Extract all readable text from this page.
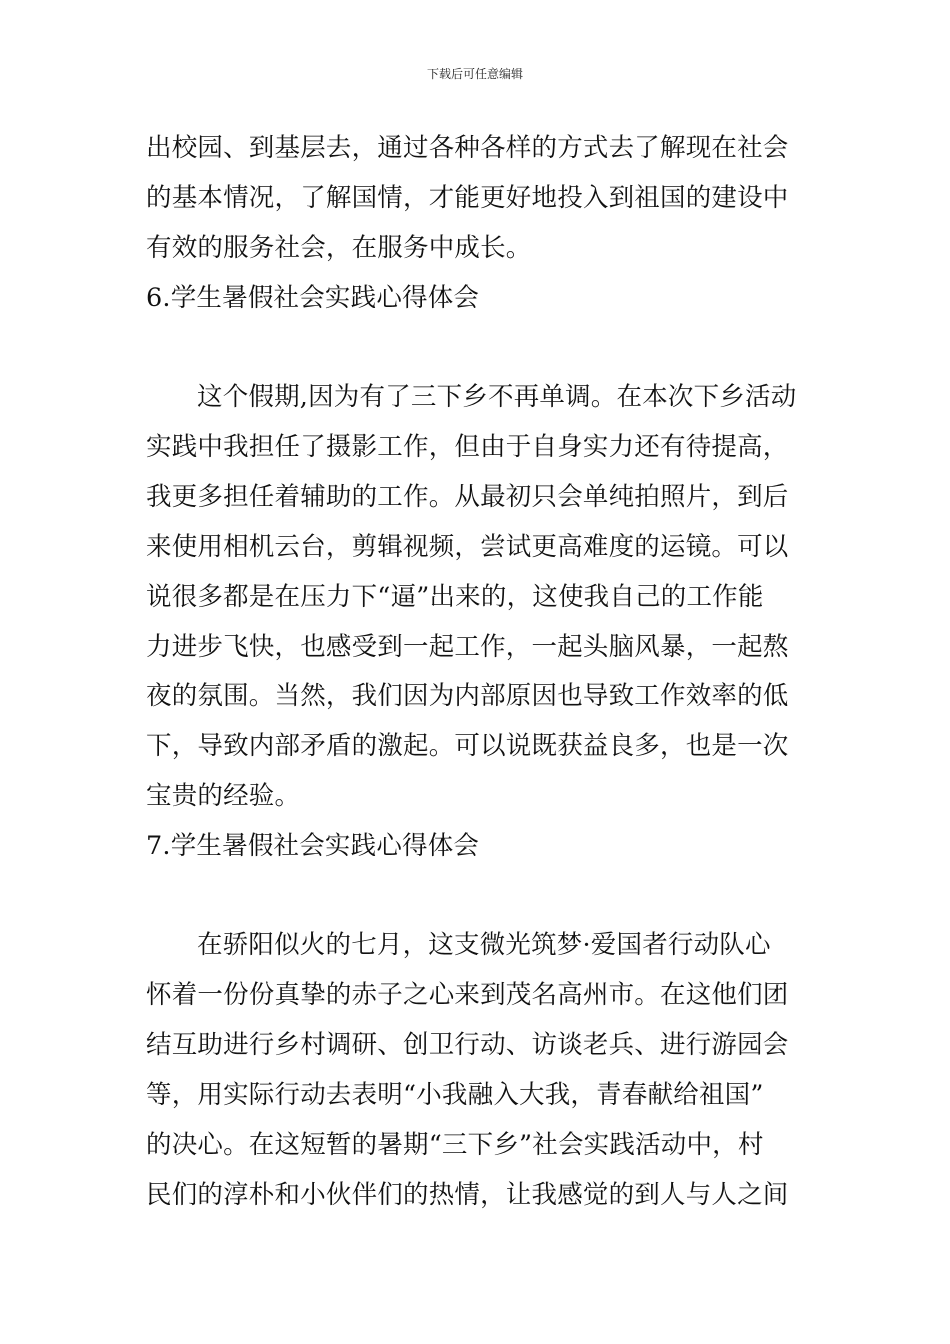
下载后可任意编辑
出校园、到基层去，通过各种各样的方式去了解现在社会
的基本情况，了解国情，才能更好地投入到祖国的建设中
有效的服务社会，在服务中成长。
6.学生暑假社会实践心得体会
这个假期,因为有了三下乡不再单调。在本次下乡活动
实践中我担任了摄影工作，但由于自身实力还有待提高，
我更多担任着辅助的工作。从最初只会单纯拍照片，到后
来使用相机云台，剪辑视频，尝试更高难度的运镜。可以
说很多都是在压力下“逼”出来的，这使我自己的工作能
力进步飞快，也感受到一起工作，一起头脑风暴，一起熬
夜的氛围。当然，我们因为内部原因也导致工作效率的低
下，导致内部矛盾的激起。可以说既获益良多，也是一次
宝贵的经验。
7.学生暑假社会实践心得体会
在骄阳似火的七月，这支微光筑梦·爱国者行动队心
怀着一份份真挚的赤子之心来到茂名高州市。在这他们团
结互助进行乡村调研、创卫行动、访谈老兵、进行游园会
等，用实际行动去表明“小我融入大我，青春献给祖国”
的决心。在这短暂的暑期“三下乡”社会实践活动中，村
民们的淳朴和小伙伴们的热情，让我感觉的到人与人之间
